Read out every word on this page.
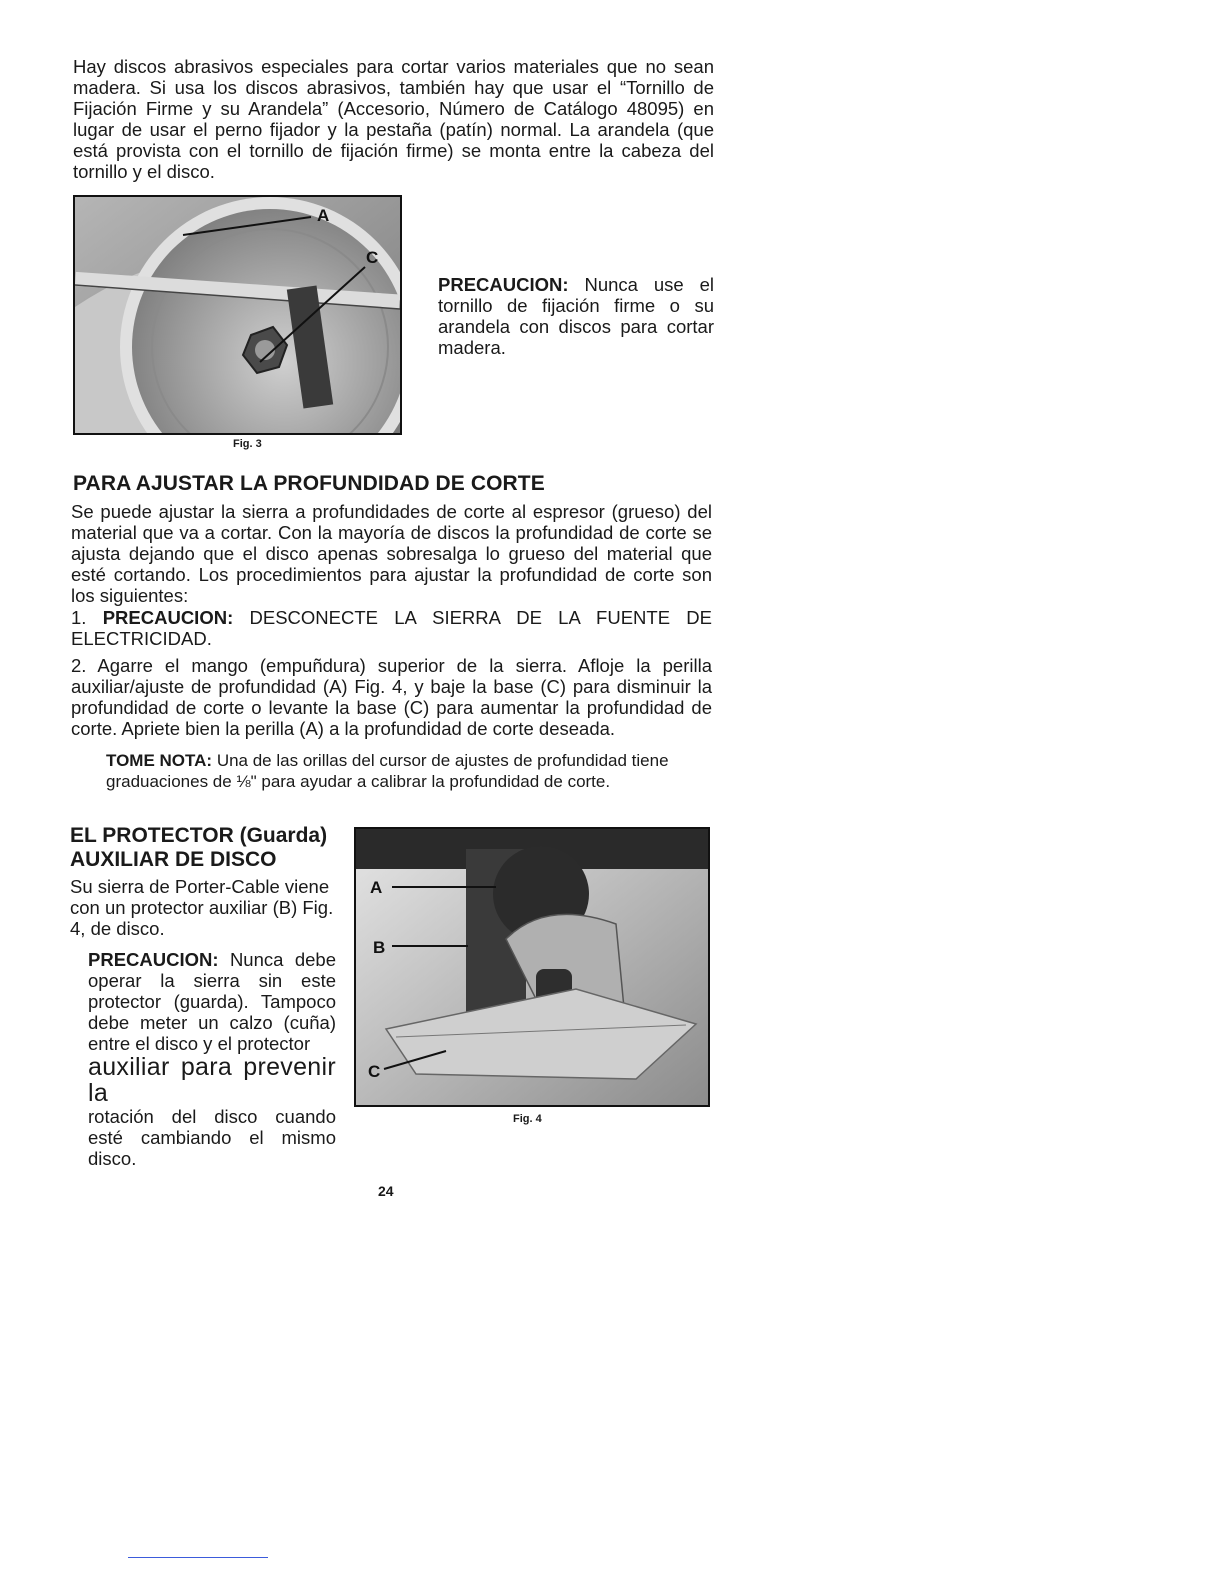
Hay discos abrasivos especiales para cortar varios materiales que no sean madera. Si usa los discos abrasivos, también hay que usar el “Tornillo de Fijación Firme y su Arandela” (Accesorio, Número de Catálogo 48095) en lugar de usar el perno fijador y la pestaña (patín) normal. La arandela (que está provista con el tornillo de fijación firme) se monta entre la cabeza del tornillo y el disco.

A
C
Fig. 3

PRECAUCION: Nunca use el tornillo de fijación firme o su arandela con discos para cortar madera.

PARA AJUSTAR LA PROFUNDIDAD DE CORTE

Se puede ajustar la sierra a profundidades de corte al espresor (grueso) del material que va a cortar. Con la mayoría de discos la profundidad de corte se ajusta dejando que el disco apenas sobresalga lo grueso del material que esté cortando. Los procedimientos para ajustar la profundidad de corte son los siguientes:

1. PRECAUCION: DESCONECTE LA SIERRA DE LA FUENTE DE ELECTRICIDAD.

2. Agarre el mango (empuñdura) superior de la sierra. Afloje la perilla auxiliar/ajuste de profundidad (A) Fig. 4, y baje la base (C) para disminuir la profundidad de corte o levante la base (C) para aumentar la profundidad de corte. Apriete bien la perilla (A) a la profundidad de corte deseada.

TOME NOTA: Una de las orillas del cursor de ajustes de profundidad tiene graduaciones de ⅛" para ayudar a calibrar la profundidad de corte.

EL PROTECTOR (Guarda)
AUXILIAR DE DISCO

Su sierra de Porter-Cable viene con un protector auxiliar (B) Fig. 4, de disco.

PRECAUCION: Nunca debe operar la sierra sin este protector (guarda). Tampoco debe meter un calzo (cuña) entre el disco y el protector
auxiliar para prevenir la
rotación del disco cuando esté cambiando el mismo disco.

A
B
C
Fig. 4
24
